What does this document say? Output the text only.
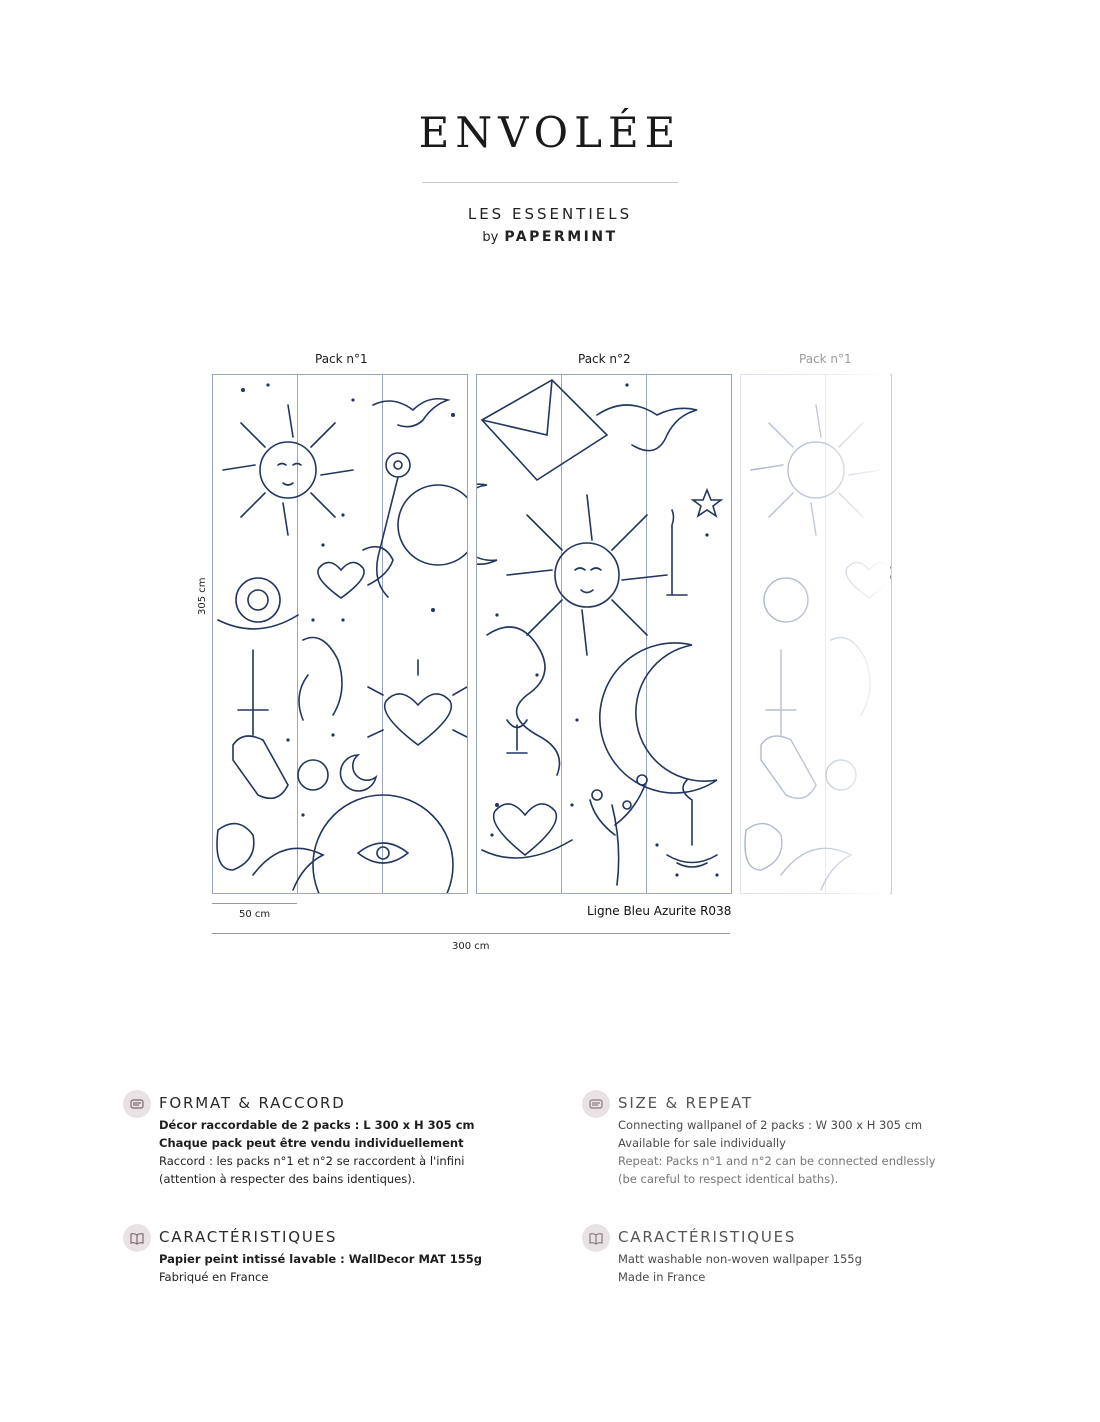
ENVOLÉE
LES ESSENTIELS
by PAPERMINT
Pack n°1	Pack n°2	Pack n°1
305 cm
50 cm	Ligne Bleu Azurite R038
300 cm
FORMAT & RACCORD
Décor raccordable de 2 packs : L 300 x H 305 cm
Chaque pack peut être vendu individuellement
Raccord : les packs n°1 et n°2 se raccordent à l'infini
(attention à respecter des bains identiques).
SIZE & REPEAT
Connecting wallpanel of 2 packs : W 300 x H 305 cm
Available for sale individually
Repeat: Packs n°1 and n°2 can be connected endlessly
(be careful to respect identical baths).
CARACTÉRISTIQUES
Papier peint intissé lavable : WallDecor MAT 155g
Fabriqué en France
CARACTÉRISTIQUES
Matt washable non-woven wallpaper 155g
Made in France
